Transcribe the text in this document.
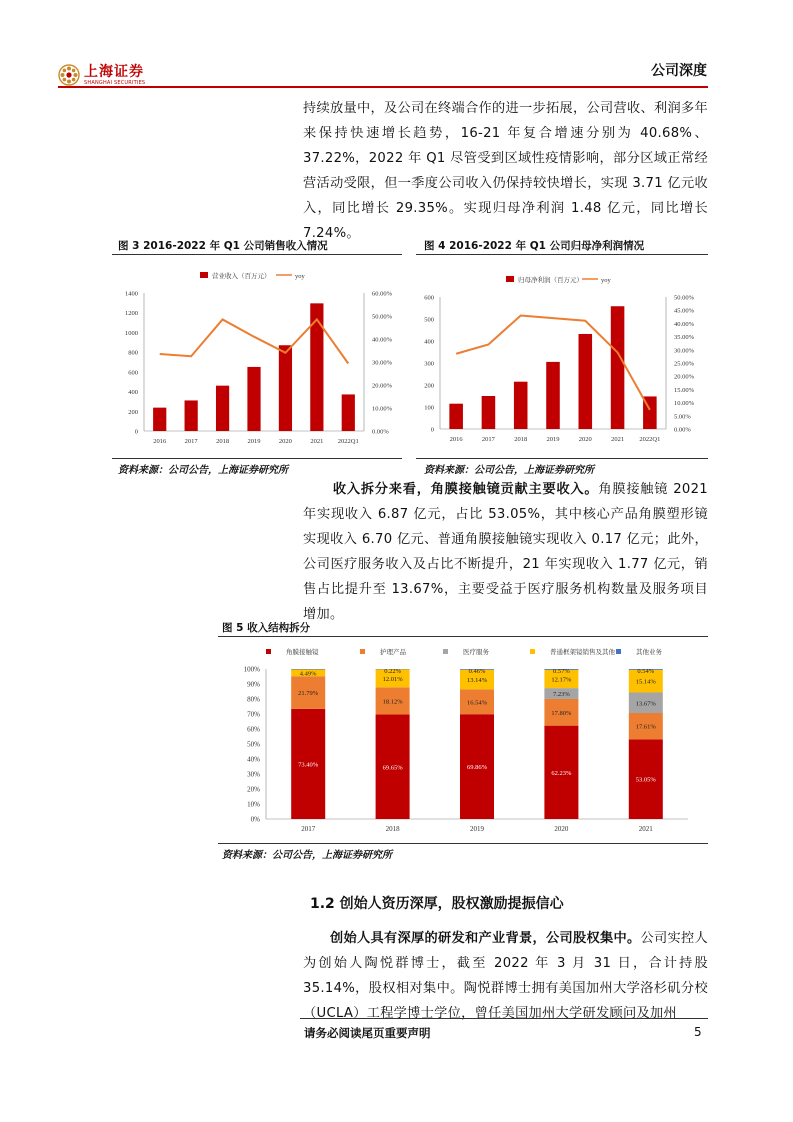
上海证券
SHANGHAI SECURITIES
公司深度
持续放量中，及公司在终端合作的进一步拓展，公司营收、利润多年来保持快速增长趋势，16-21 年复合增速分别为 40.68%、37.22%，2022 年 Q1 尽管受到区域性疫情影响，部分区域正常经营活动受限，但一季度公司收入仍保持较快增长，实现 3.71 亿元收入，同比增长 29.35%。实现归母净利润 1.48 亿元，同比增长 7.24%。
图 3 2016-2022 年 Q1 公司销售收入情况
营业收入（百万元）	yoy
0
200
400
600
800
1000
1200
1400
0.00%
10.00%
20.00%
30.00%
40.00%
50.00%
60.00%
2016	2017	2018	2019	2020	2021 2022Q1
资料来源：公司公告，上海证券研究所
图 4 2016-2022 年 Q1 公司归母净利润情况
归母净利润（百万元）	yoy
0
100
200
300
400
500
600
0.00%
5.00%
10.00%
15.00%
20.00%
25.00%
30.00%
35.00%
40.00%
45.00%
50.00%
2016	2017	2018	2019	2020	2021 2022Q1
资料来源：公司公告，上海证券研究所
收入拆分来看，角膜接触镜贡献主要收入。角膜接触镜 2021 年实现收入 6.87 亿元，占比 53.05%，其中核心产品角膜塑形镜实现收入 6.70 亿元、普通角膜接触镜实现收入 0.17 亿元；此外，公司医疗服务收入及占比不断提升，21 年实现收入 1.77 亿元，销售占比提升至 13.67%，主要受益于医疗服务机构数量及服务项目增加。
图 5 收入结构拆分
角膜接触镜	护理产品	医疗服务	普通框架镜销售及其他	其他业务
0%
10%
20%
30%
40%
50%
60%
70%
80%
90%
100%
73.40%
21.79%
4.49%
2017
69.65%
18.12%
12.01%
0.22%
2018
69.86%
16.54%
13.14%
0.46%
2019
62.23%
17.80%
7.23%
12.17%
0.57%
2020
53.05%
17.61%
13.67%
15.14%
0.54%
2021
资料来源：公司公告，上海证券研究所
1.2 创始人资历深厚，股权激励提振信心
创始人具有深厚的研发和产业背景，公司股权集中。公司实控人为创始人陶悦群博士，截至 2022 年 3 月 31 日，合计持股 35.14%，股权相对集中。陶悦群博士拥有美国加州大学洛杉矶分校（UCLA）工程学博士学位，曾任美国加州大学研发顾问及加州
请务必阅读尾页重要声明	5
